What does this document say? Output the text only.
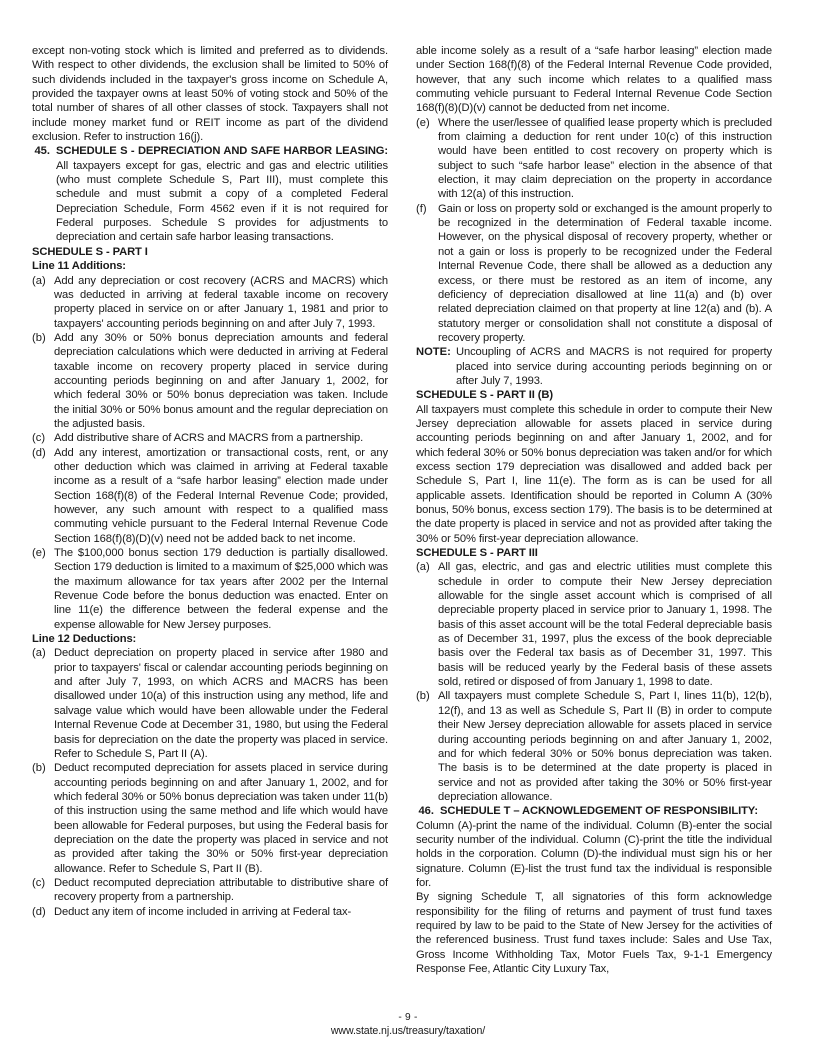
except non-voting stock which is limited and preferred as to dividends. With respect to other dividends, the exclusion shall be limited to 50% of such dividends included in the taxpayer's gross income on Schedule A, provided the taxpayer owns at least 50% of voting stock and 50% of the total number of shares of all other classes of stock. Taxpayers shall not include money market fund or REIT income as part of the dividend exclusion. Refer to instruction 16(j).

45. SCHEDULE S - DEPRECIATION AND SAFE HARBOR LEASING: All taxpayers except for gas, electric and gas and electric utilities (who must complete Schedule S, Part III), must complete this schedule and must submit a copy of a completed Federal Depreciation Schedule, Form 4562 even if it is not required for Federal purposes. Schedule S provides for adjustments to depreciation and certain safe harbor leasing transactions.

SCHEDULE S - PART I

Line 11 Additions:

(a) Add any depreciation or cost recovery (ACRS and MACRS) which was deducted in arriving at federal taxable income on recovery property placed in service on or after January 1, 1981 and prior to taxpayers' accounting periods beginning on and after July 7, 1993.
(b) Add any 30% or 50% bonus depreciation amounts and federal depreciation calculations which were deducted in arriving at Federal taxable income on recovery property placed in service during accounting periods beginning on and after January 1, 2002, for which federal 30% or 50% bonus depreciation was taken. Include the initial 30% or 50% bonus amount and the regular depreciation on the adjusted basis.
(c) Add distributive share of ACRS and MACRS from a partnership.
(d) Add any interest, amortization or transactional costs, rent, or any other deduction which was claimed in arriving at Federal taxable income as a result of a “safe harbor leasing” election made under Section 168(f)(8) of the Federal Internal Revenue Code; provided, however, any such amount with respect to a qualified mass commuting vehicle pursuant to the Federal Internal Revenue Code Section 168(f)(8)(D)(v) need not be added back to net income.
(e) The $100,000 bonus section 179 deduction is partially disallowed. Section 179 deduction is limited to a maximum of $25,000 which was the maximum allowance for tax years after 2002 per the Internal Revenue Code before the bonus deduction was enacted. Enter on line 11(e) the difference between the federal expense and the expense allowable for New Jersey purposes.

Line 12 Deductions:

(a) Deduct depreciation on property placed in service after 1980 and prior to taxpayers' fiscal or calendar accounting periods beginning on and after July 7, 1993, on which ACRS and MACRS has been disallowed under 10(a) of this instruction using any method, life and salvage value which would have been allowable under the Federal Internal Revenue Code at December 31, 1980, but using the Federal basis for depreciation on the date the property was placed in service. Refer to Schedule S, Part II (A).
(b) Deduct recomputed depreciation for assets placed in service during accounting periods beginning on and after January 1, 2002, and for which federal 30% or 50% bonus depreciation was taken under 11(b) of this instruction using the same method and life which would have been allowable for Federal purposes, but using the Federal basis for depreciation on the date the property was placed in service and not as provided after taking the 30% or 50% first-year depreciation allowance. Refer to Schedule S, Part II (B).
(c) Deduct recomputed depreciation attributable to distributive share of recovery property from a partnership.
(d) Deduct any item of income included in arriving at Federal tax-

able income solely as a result of a “safe harbor leasing” election made under Section 168(f)(8) of the Federal Internal Revenue Code provided, however, that any such income which relates to a qualified mass commuting vehicle pursuant to Federal Internal Revenue Code Section 168(f)(8)(D)(v) cannot be deducted from net income.

(e) Where the user/lessee of qualified lease property which is precluded from claiming a deduction for rent under 10(c) of this instruction would have been entitled to cost recovery on property which is subject to such “safe harbor lease” election in the absence of that election, it may claim depreciation on the property in accordance with 12(a) of this instruction.
(f)	Gain or loss on property sold or exchanged is the amount properly to be recognized in the determination of Federal taxable income. However, on the physical disposal of recovery property, whether or not a gain or loss is properly to be recognized under the Federal Internal Revenue Code, there shall be allowed as a deduction any excess, or there must be restored as an item of income, any deficiency of depreciation disallowed at line 11(a) and (b) over related depreciation claimed on that property at line 12(a) and (b). A statutory merger or consolidation shall not constitute a disposal of recovery property.
NOTE: Uncoupling of ACRS and MACRS is not required for property placed into service during accounting periods beginning on or after July 7, 1993.

SCHEDULE S - PART II (B)

All taxpayers must complete this schedule in order to compute their New Jersey depreciation allowable for assets placed in service during accounting periods beginning on and after January 1, 2002, and for which federal 30% or 50% bonus depreciation was taken and/or for which excess section 179 depreciation was disallowed and added back per Schedule S, Part I, line 11(e). The form as is can be used for all applicable assets. Identification should be reported in Column A (30% bonus, 50% bonus, excess section 179). The basis is to be determined at the date property is placed in service and not as provided after taking the 30% or 50% first-year depreciation allowance.

SCHEDULE S - PART III

(a) All gas, electric, and gas and electric utilities must complete this schedule in order to compute their New Jersey depreciation allowable for the single asset account which is comprised of all depreciable property placed in service prior to January 1, 1998. The basis of this asset account will be the total Federal depreciable basis as of December 31, 1997, plus the excess of the book depreciable basis over the Federal tax basis as of December 31, 1997. This basis will be reduced yearly by the Federal basis of these assets sold, retired or disposed of from January 1, 1998 to date.
(b) All taxpayers must complete Schedule S, Part I, lines 11(b), 12(b), 12(f), and 13 as well as Schedule S, Part II (B) in order to compute their New Jersey depreciation allowable for assets placed in service during accounting periods beginning on and after January 1, 2002, and for which federal 30% or 50% bonus depreciation was taken. The basis is to be determined at the date property is placed in service and not as provided after taking the 30% or 50% first-year depreciation allowance.
46. SCHEDULE T – ACKNOWLEDGEMENT OF RESPONSIBILITY:

Column (A)-print the name of the individual. Column (B)-enter the social security number of the individual. Column (C)-print the title the individual holds in the corporation. Column (D)-the individual must sign his or her signature. Column (E)-list the trust fund tax the individual is responsible for.

By signing Schedule T, all signatories of this form acknowledge responsibility for the filing of returns and payment of trust fund taxes required by law to be paid to the State of New Jersey for the activities of the referenced business. Trust fund taxes include: Sales and Use Tax, Gross Income Withholding Tax, Motor Fuels Tax, 9-1-1 Emergency Response Fee, Atlantic City Luxury Tax,

- 9 -
www.state.nj.us/treasury/taxation/
